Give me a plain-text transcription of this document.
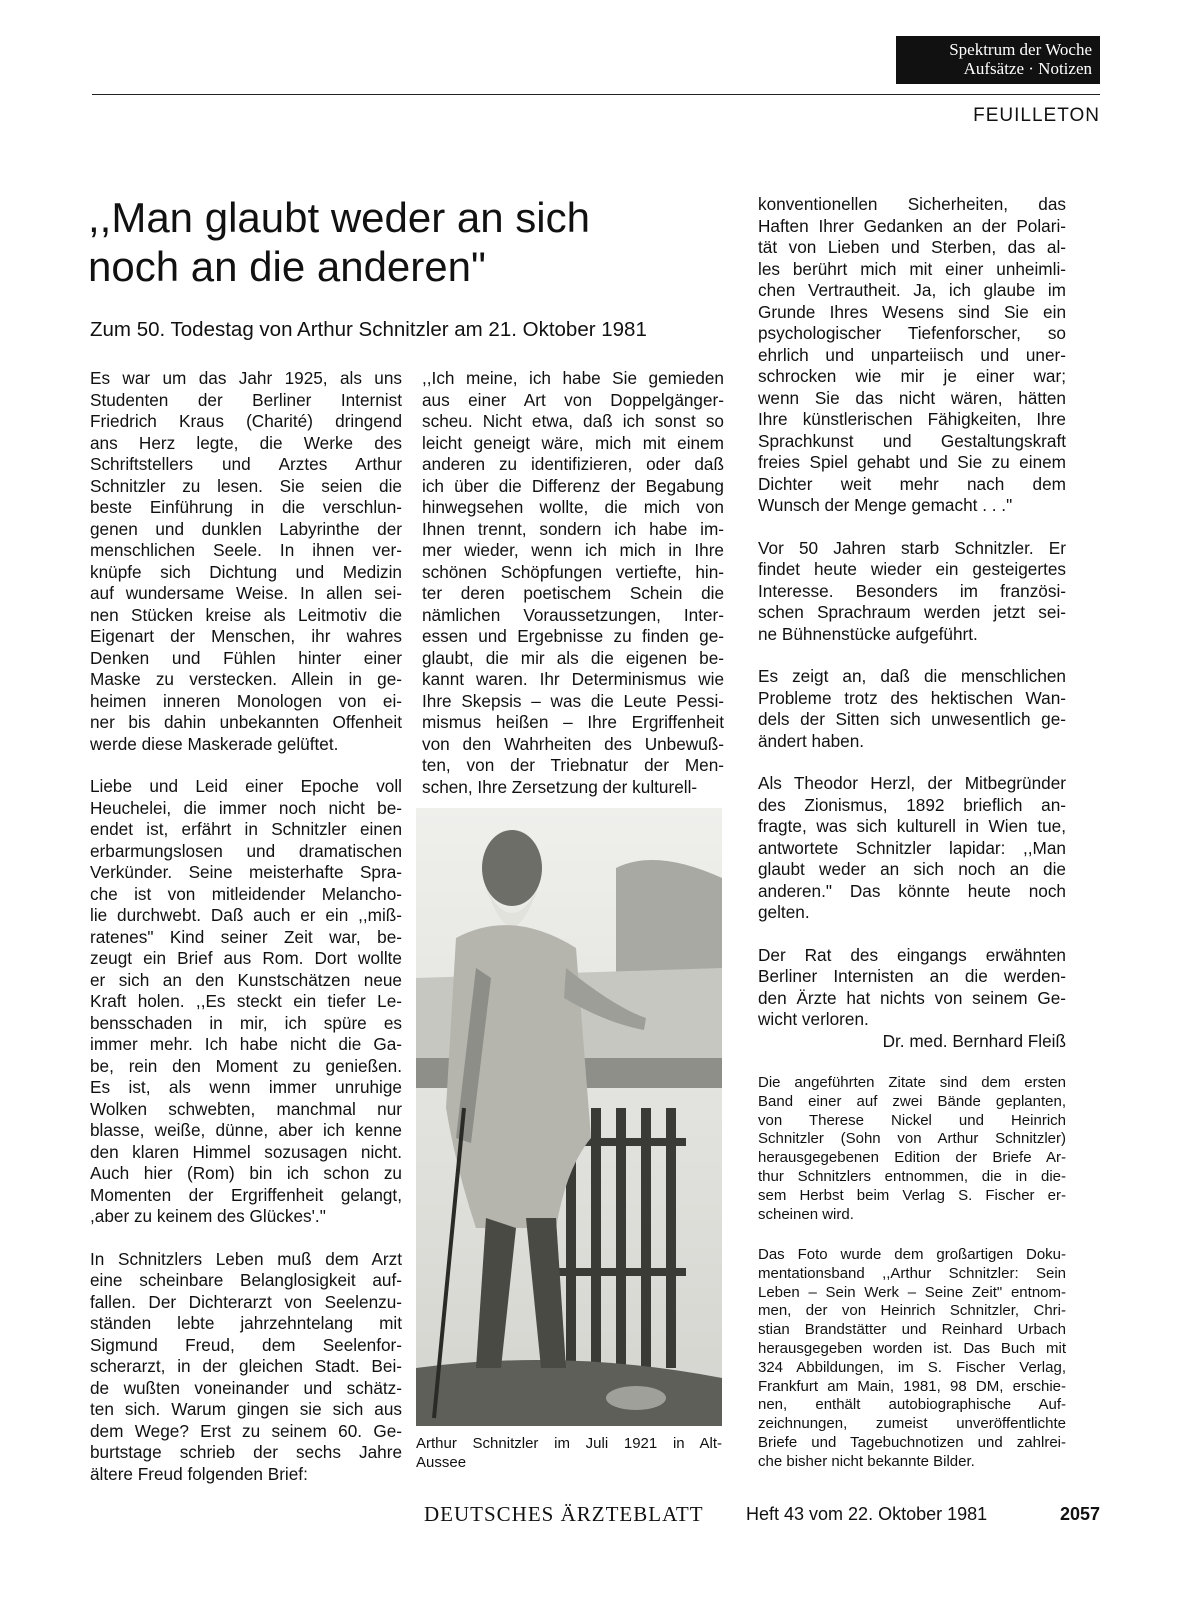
Spektrum der Woche
Aufsätze · Notizen
FEUILLETON
,,Man glaubt weder an sich
noch an die anderen"
Zum 50. Todestag von Arthur Schnitzler am 21. Oktober 1981
Es war um das Jahr 1925, als uns
Studenten der Berliner Internist
Friedrich Kraus (Charité) dringend
ans Herz legte, die Werke des
Schriftstellers und Arztes Arthur
Schnitzler zu lesen. Sie seien die
beste Einführung in die verschlun-
genen und dunklen Labyrinthe der
menschlichen Seele. In ihnen ver-
knüpfe sich Dichtung und Medizin
auf wundersame Weise. In allen sei-
nen Stücken kreise als Leitmotiv die
Eigenart der Menschen, ihr wahres
Denken und Fühlen hinter einer
Maske zu verstecken. Allein in ge-
heimen inneren Monologen von ei-
ner bis dahin unbekannten Offenheit
werde diese Maskerade gelüftet.
Liebe und Leid einer Epoche voll
Heuchelei, die immer noch nicht be-
endet ist, erfährt in Schnitzler einen
erbarmungslosen und dramatischen
Verkünder. Seine meisterhafte Spra-
che ist von mitleidender Melancho-
lie durchwebt. Daß auch er ein ,,miß-
ratenes" Kind seiner Zeit war, be-
zeugt ein Brief aus Rom. Dort wollte
er sich an den Kunstschätzen neue
Kraft holen. ,,Es steckt ein tiefer Le-
bensschaden in mir, ich spüre es
immer mehr. Ich habe nicht die Ga-
be, rein den Moment zu genießen.
Es ist, als wenn immer unruhige
Wolken schwebten, manchmal nur
blasse, weiße, dünne, aber ich kenne
den klaren Himmel sozusagen nicht.
Auch hier (Rom) bin ich schon zu
Momenten der Ergriffenheit gelangt,
,aber zu keinem des Glückes'."
In Schnitzlers Leben muß dem Arzt
eine scheinbare Belanglosigkeit auf-
fallen. Der Dichterarzt von Seelenzu-
ständen lebte jahrzehntelang mit
Sigmund Freud, dem Seelenfor-
scherarzt, in der gleichen Stadt. Bei-
de wußten voneinander und schätz-
ten sich. Warum gingen sie sich aus
dem Wege? Erst zu seinem 60. Ge-
burtstage schrieb der sechs Jahre
ältere Freud folgenden Brief:
,,Ich meine, ich habe Sie gemieden
aus einer Art von Doppelgänger-
scheu. Nicht etwa, daß ich sonst so
leicht geneigt wäre, mich mit einem
anderen zu identifizieren, oder daß
ich über die Differenz der Begabung
hinwegsehen wollte, die mich von
Ihnen trennt, sondern ich habe im-
mer wieder, wenn ich mich in Ihre
schönen Schöpfungen vertiefte, hin-
ter deren poetischem Schein die
nämlichen Voraussetzungen, Inter-
essen und Ergebnisse zu finden ge-
glaubt, die mir als die eigenen be-
kannt waren. Ihr Determinismus wie
Ihre Skepsis – was die Leute Pessi-
mismus heißen – Ihre Ergriffenheit
von den Wahrheiten des Unbewuß-
ten, von der Triebnatur der Men-
schen, Ihre Zersetzung der kulturell-
konventionellen Sicherheiten, das
Haften Ihrer Gedanken an der Polari-
tät von Lieben und Sterben, das al-
les berührt mich mit einer unheimli-
chen Vertrautheit. Ja, ich glaube im
Grunde Ihres Wesens sind Sie ein
psychologischer Tiefenforscher, so
ehrlich und unparteiisch und uner-
schrocken wie mir je einer war;
wenn Sie das nicht wären, hätten
Ihre künstlerischen Fähigkeiten, Ihre
Sprachkunst und Gestaltungskraft
freies Spiel gehabt und Sie zu einem
Dichter weit mehr nach dem
Wunsch der Menge gemacht . . ."
Vor 50 Jahren starb Schnitzler. Er
findet heute wieder ein gesteigertes
Interesse. Besonders im französi-
schen Sprachraum werden jetzt sei-
ne Bühnenstücke aufgeführt.
Es zeigt an, daß die menschlichen
Probleme trotz des hektischen Wan-
dels der Sitten sich unwesentlich ge-
ändert haben.
Als Theodor Herzl, der Mitbegründer
des Zionismus, 1892 brieflich an-
fragte, was sich kulturell in Wien tue,
antwortete Schnitzler lapidar: ,,Man
glaubt weder an sich noch an die
anderen." Das könnte heute noch
gelten.
Der Rat des eingangs erwähnten
Berliner Internisten an die werden-
den Ärzte hat nichts von seinem Ge-
wicht verloren.
Dr. med. Bernhard Fleiß
Die angeführten Zitate sind dem ersten
Band einer auf zwei Bände geplanten,
von Therese Nickel und Heinrich
Schnitzler (Sohn von Arthur Schnitzler)
herausgegebenen Edition der Briefe Ar-
thur Schnitzlers entnommen, die in die-
sem Herbst beim Verlag S. Fischer er-
scheinen wird.
Das Foto wurde dem großartigen Doku-
mentationsband ,,Arthur Schnitzler: Sein
Leben – Sein Werk – Seine Zeit" entnom-
men, der von Heinrich Schnitzler, Chri-
stian Brandstätter und Reinhard Urbach
herausgegeben worden ist. Das Buch mit
324 Abbildungen, im S. Fischer Verlag,
Frankfurt am Main, 1981, 98 DM, erschie-
nen, enthält autobiographische Auf-
zeichnungen, zumeist unveröffentlichte
Briefe und Tagebuchnotizen und zahlrei-
che bisher nicht bekannte Bilder.
Arthur Schnitzler im Juli 1921 in Alt-
Aussee
DEUTSCHES ÄRZTEBLATT Heft 43 vom 22. Oktober 1981	2057
